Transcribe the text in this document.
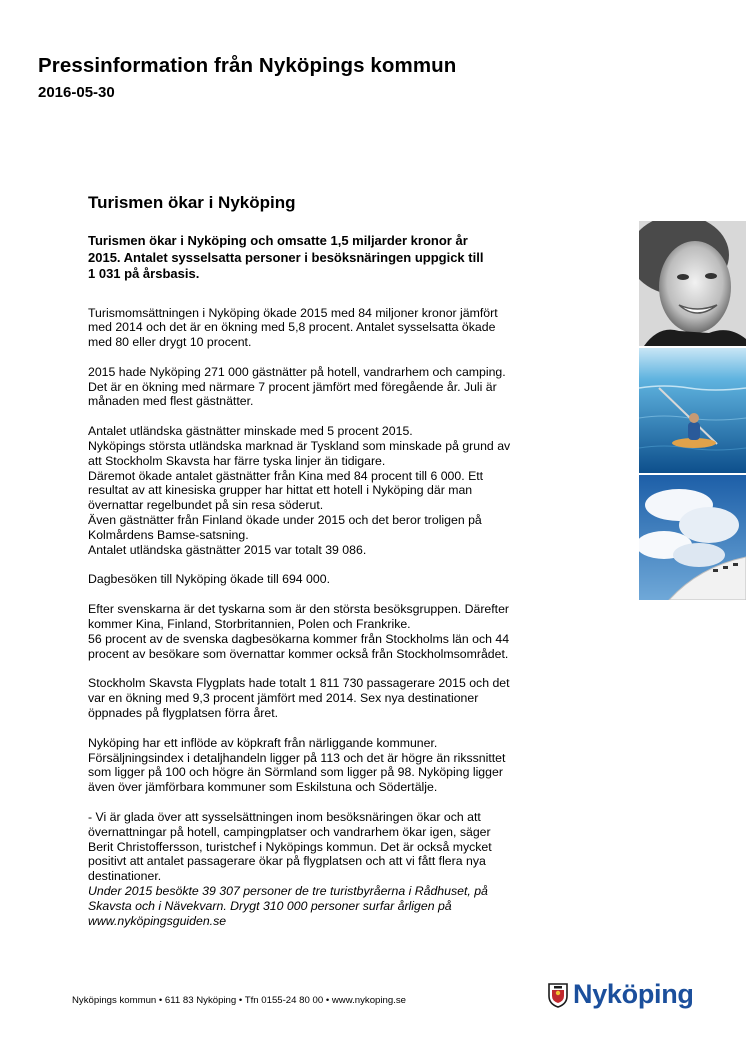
Pressinformation från Nyköpings kommun
2016-05-30
Turismen ökar i Nyköping
Turismen ökar i Nyköping och omsatte 1,5 miljarder kronor år
2015. Antalet sysselsatta personer i besöksnäringen uppgick till
1 031 på årsbasis.
Turismomsättningen i Nyköping ökade 2015 med 84 miljoner kronor jämfört
med 2014 och det är en ökning med 5,8 procent. Antalet sysselsatta ökade
med 80 eller drygt 10 procent.
2015 hade Nyköping 271 000 gästnätter på hotell, vandrarhem och camping.
Det är en ökning med närmare 7 procent jämfört med föregående år. Juli är
månaden med flest gästnätter.
Antalet utländska gästnätter minskade med 5 procent 2015.
Nyköpings största utländska marknad är Tyskland som minskade på grund av
att Stockholm Skavsta har färre tyska linjer än tidigare.
Däremot ökade antalet gästnätter från Kina med 84 procent till 6 000. Ett
resultat av att kinesiska grupper har hittat ett hotell i Nyköping där man
övernattar regelbundet på sin resa söderut.
Även gästnätter från Finland ökade under 2015 och det beror troligen på
Kolmårdens Bamse-satsning.
Antalet utländska gästnätter 2015 var totalt 39 086.
Dagbesöken till Nyköping ökade till 694 000.
Efter svenskarna är det tyskarna som är den största besöksgruppen. Därefter
kommer Kina, Finland, Storbritannien, Polen och Frankrike.
56 procent av de svenska dagbesökarna kommer från Stockholms län och 44
procent av besökare som övernattar kommer också från Stockholmsområdet.
Stockholm Skavsta Flygplats hade totalt 1 811 730 passagerare 2015 och det
var en ökning med 9,3 procent jämfört med 2014. Sex nya destinationer
öppnades på flygplatsen förra året.
Nyköping har ett inflöde av köpkraft från närliggande kommuner.
Försäljningsindex i detaljhandeln ligger på 113 och det är högre än rikssnittet
som ligger på 100 och högre än Sörmland som ligger på 98. Nyköping ligger
även över jämförbara kommuner som Eskilstuna och Södertälje.
- Vi är glada över att sysselsättningen inom besöksnäringen ökar och att
övernattningar på hotell, campingplatser och vandrarhem ökar igen, säger
Berit Christoffersson, turistchef i Nyköpings kommun. Det är också mycket
positivt att antalet passagerare ökar på flygplatsen och att vi fått flera nya
destinationer.
Under 2015 besökte 39 307 personer de tre turistbyråerna i Rådhuset, på
Skavsta och i Nävekvarn. Drygt 310 000 personer surfar årligen på
www.nyköpingsguiden.se
Nyköpings kommun • 611 83 Nyköping • Tfn 0155-24 80 00 • www.nykoping.se	Nyköping
